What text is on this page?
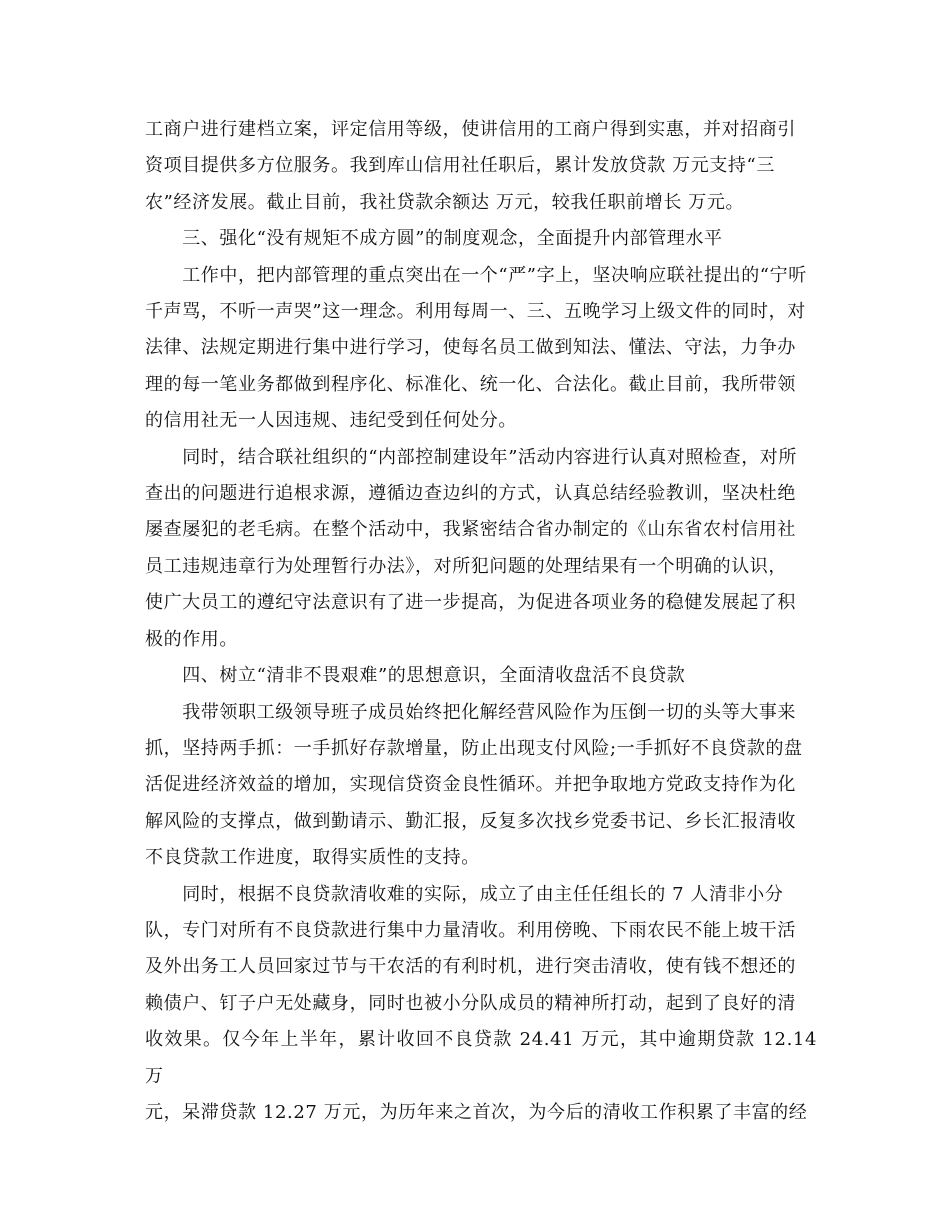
工商户进行建档立案，评定信用等级，使讲信用的工商户得到实惠，并对招商引
资项目提供多方位服务。我到库山信用社任职后，累计发放贷款 万元支持“三
农”经济发展。截止目前，我社贷款余额达 万元，较我任职前增长 万元。

　　三、强化“没有规矩不成方圆”的制度观念，全面提升内部管理水平

　　工作中，把内部管理的重点突出在一个“严”字上，坚决响应联社提出的“宁听
千声骂，不听一声哭”这一理念。利用每周一、三、五晚学习上级文件的同时，对
法律、法规定期进行集中进行学习，使每名员工做到知法、懂法、守法，力争办
理的每一笔业务都做到程序化、标准化、统一化、合法化。截止目前，我所带领
的信用社无一人因违规、违纪受到任何处分。

　　同时，结合联社组织的“内部控制建设年”活动内容进行认真对照检查，对所
查出的问题进行追根求源，遵循边查边纠的方式，认真总结经验教训，坚决杜绝
屡查屡犯的老毛病。在整个活动中，我紧密结合省办制定的《山东省农村信用社
员工违规违章行为处理暂行办法》，对所犯问题的处理结果有一个明确的认识，
使广大员工的遵纪守法意识有了进一步提高，为促进各项业务的稳健发展起了积
极的作用。

　　四、树立“清非不畏艰难”的思想意识，全面清收盘活不良贷款

　　我带领职工级领导班子成员始终把化解经营风险作为压倒一切的头等大事来
抓，坚持两手抓：一手抓好存款增量，防止出现支付风险;一手抓好不良贷款的盘
活促进经济效益的增加，实现信贷资金良性循环。并把争取地方党政支持作为化
解风险的支撑点，做到勤请示、勤汇报，反复多次找乡党委书记、乡长汇报清收
不良贷款工作进度，取得实质性的支持。

　　同时，根据不良贷款清收难的实际，成立了由主任任组长的 7 人清非小分
队，专门对所有不良贷款进行集中力量清收。利用傍晚、下雨农民不能上坡干活
及外出务工人员回家过节与干农活的有利时机，进行突击清收，使有钱不想还的
赖债户、钉子户无处藏身，同时也被小分队成员的精神所打动，起到了良好的清
收效果。仅今年上半年，累计收回不良贷款 24.41 万元，其中逾期贷款 12.14 万
元，呆滞贷款 12.27 万元，为历年来之首次，为今后的清收工作积累了丰富的经
